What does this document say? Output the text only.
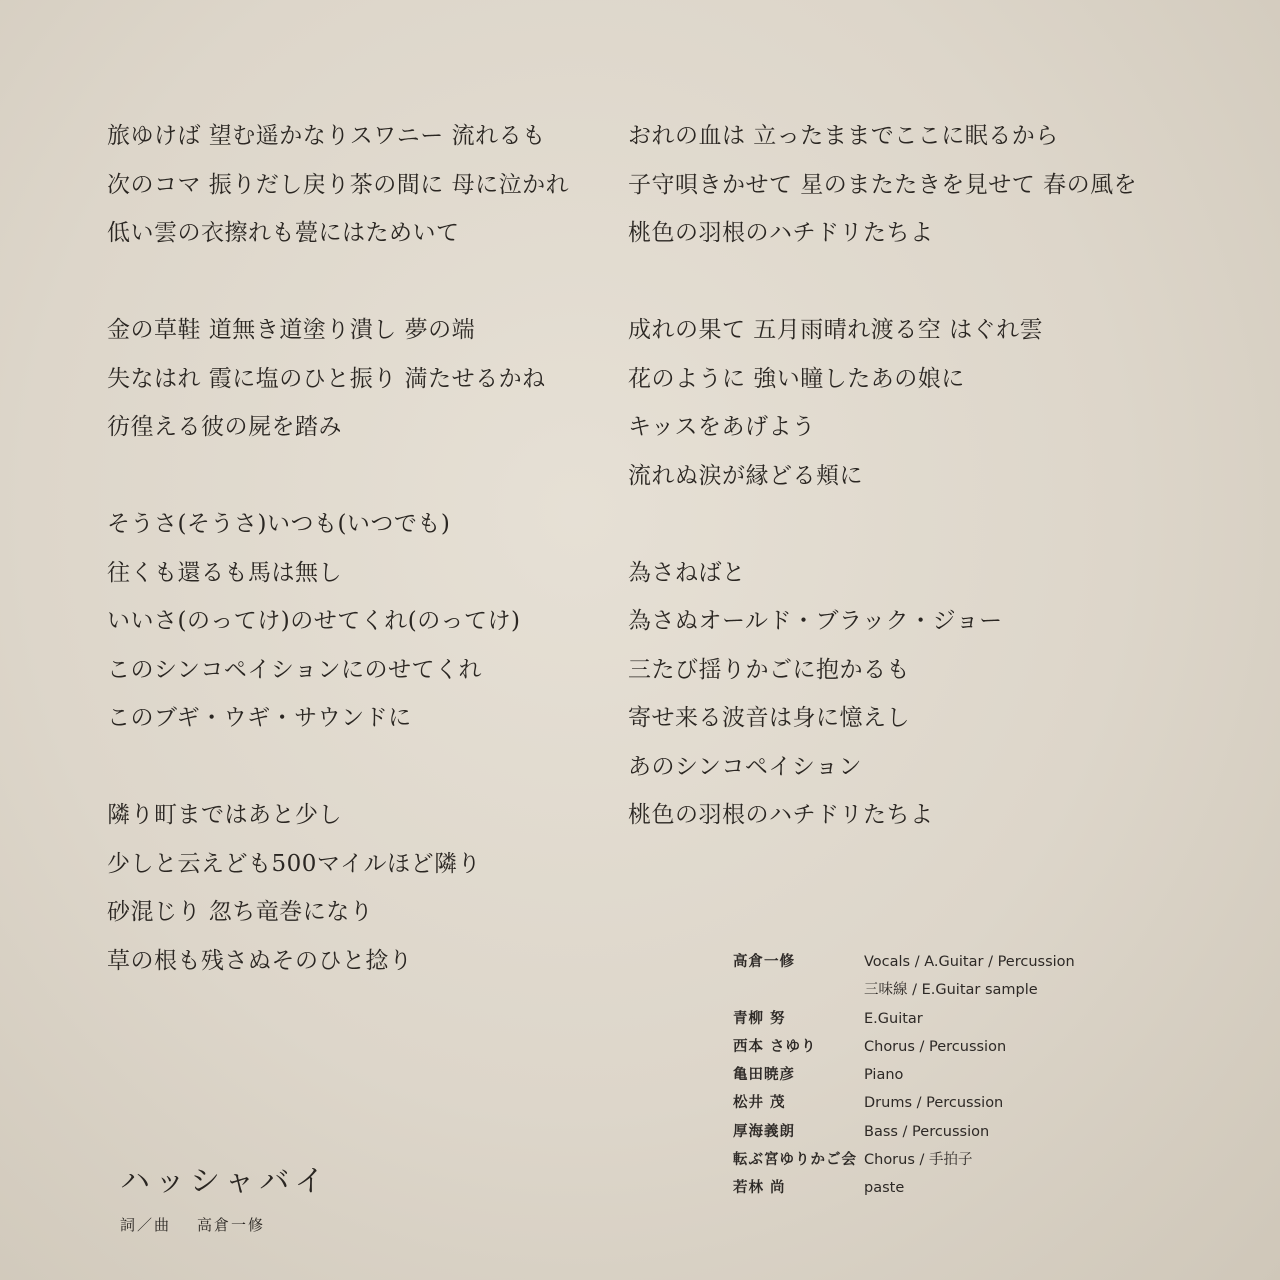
旅ゆけば 望む遥かなりスワニー 流れるも
次のコマ 振りだし戻り茶の間に 母に泣かれ
低い雲の衣擦れも甍にはためいて
金の草鞋 道無き道塗り潰し 夢の端
失なはれ 霞に塩のひと振り 満たせるかね
彷徨える彼の屍を踏み
そうさ(そうさ)いつも(いつでも)
往くも還るも馬は無し
いいさ(のってけ)のせてくれ(のってけ)
このシンコペイションにのせてくれ
このブギ・ウギ・サウンドに
隣り町まではあと少し
少しと云えども500マイルほど隣り
砂混じり 忽ち竜巻になり
草の根も残さぬそのひと捻り
おれの血は 立ったままでここに眠るから
子守唄きかせて 星のまたたきを見せて 春の風を
桃色の羽根のハチドリたちよ
成れの果て 五月雨晴れ渡る空 はぐれ雲
花のように 強い瞳したあの娘に
キッスをあげよう
流れぬ涙が縁どる頬に
為さねばと
為さぬオールド・ブラック・ジョー
三たび揺りかごに抱かるも
寄せ来る波音は身に憶えし
あのシンコペイション
桃色の羽根のハチドリたちよ
ハッシャバイ
詞／曲 高倉一修
高倉一修	Vocals / A.Guitar / Percussion
三味線 / E.Guitar sample
青柳 努	E.Guitar
西本 さゆり	Chorus / Percussion
亀田暁彦	Piano
松井 茂	Drums / Percussion
厚海義朗	Bass / Percussion
転ぶ宮ゆりかご会 Chorus / 手拍子
若林 尚	paste
